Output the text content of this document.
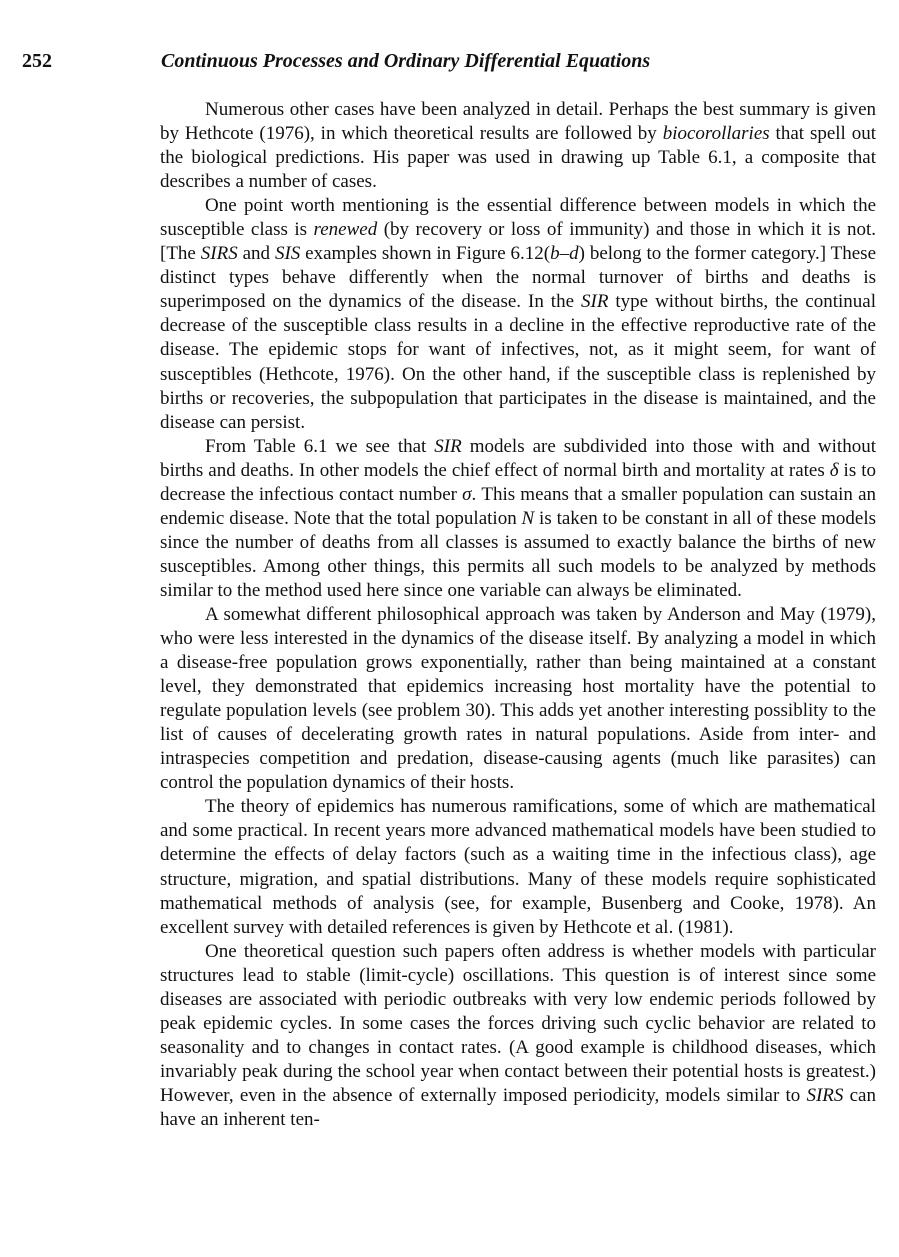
252	Continuous Processes and Ordinary Differential Equations

Numerous other cases have been analyzed in detail. Perhaps the best summary is given by Hethcote (1976), in which theoretical results are followed by biocorollaries that spell out the biological predictions. His paper was used in drawing up Table 6.1, a composite that describes a number of cases.

One point worth mentioning is the essential difference between models in which the susceptible class is renewed (by recovery or loss of immunity) and those in which it is not. [The SIRS and SIS examples shown in Figure 6.12(b–d) belong to the former category.] These distinct types behave differently when the normal turnover of births and deaths is superimposed on the dynamics of the disease. In the SIR type without births, the continual decrease of the susceptible class results in a decline in the effective reproductive rate of the disease. The epidemic stops for want of infectives, not, as it might seem, for want of susceptibles (Hethcote, 1976). On the other hand, if the susceptible class is replenished by births or recoveries, the subpopulation that participates in the disease is maintained, and the disease can persist.

From Table 6.1 we see that SIR models are subdivided into those with and without births and deaths. In other models the chief effect of normal birth and mortality at rates δ is to decrease the infectious contact number σ. This means that a smaller population can sustain an endemic disease. Note that the total population N is taken to be constant in all of these models since the number of deaths from all classes is assumed to exactly balance the births of new susceptibles. Among other things, this permits all such models to be analyzed by methods similar to the method used here since one variable can always be eliminated.

A somewhat different philosophical approach was taken by Anderson and May (1979), who were less interested in the dynamics of the disease itself. By analyzing a model in which a disease-free population grows exponentially, rather than being maintained at a constant level, they demonstrated that epidemics increasing host mortality have the potential to regulate population levels (see problem 30). This adds yet another interesting possiblity to the list of causes of decelerating growth rates in natural populations. Aside from inter- and intraspecies competition and predation, disease-causing agents (much like parasites) can control the population dynamics of their hosts.

The theory of epidemics has numerous ramifications, some of which are mathematical and some practical. In recent years more advanced mathematical models have been studied to determine the effects of delay factors (such as a waiting time in the infectious class), age structure, migration, and spatial distributions. Many of these models require sophisticated mathematical methods of analysis (see, for example, Busenberg and Cooke, 1978). An excellent survey with detailed references is given by Hethcote et al. (1981).

One theoretical question such papers often address is whether models with particular structures lead to stable (limit-cycle) oscillations. This question is of interest since some diseases are associated with periodic outbreaks with very low endemic periods followed by peak epidemic cycles. In some cases the forces driving such cyclic behavior are related to seasonality and to changes in contact rates. (A good example is childhood diseases, which invariably peak during the school year when contact between their potential hosts is greatest.) However, even in the absence of externally imposed periodicity, models similar to SIRS can have an inherent ten-
